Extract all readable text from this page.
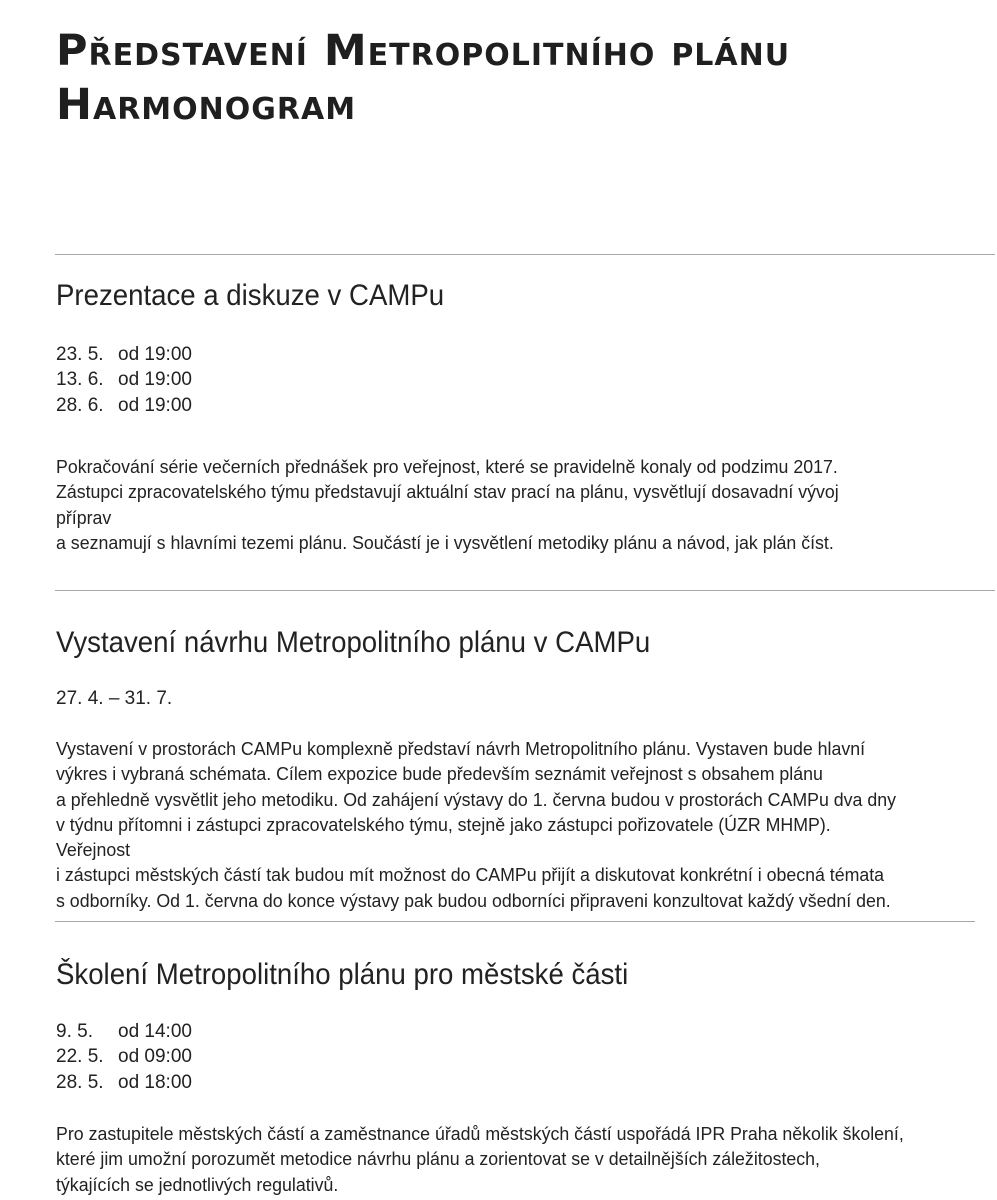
Představení Metropolitního plánu
Harmonogram
Prezentace a diskuze v CAMPu
23. 5. od 19:00
13. 6. od 19:00
28. 6. od 19:00
Pokračování série večerních přednášek pro veřejnost, které se pravidelně konaly od podzimu 2017.
Zástupci zpracovatelského týmu představují aktuální stav prací na plánu, vysvětlují dosavadní vývoj
příprav
a seznamují s hlavními tezemi plánu. Součástí je i vysvětlení metodiky plánu a návod, jak plán číst.
Vystavení návrhu Metropolitního plánu v CAMPu
27. 4. – 31. 7.
Vystavení v prostorách CAMPu komplexně představí návrh Metropolitního plánu. Vystaven bude hlavní
výkres i vybraná schémata. Cílem expozice bude především seznámit veřejnost s obsahem plánu
a přehledně vysvětlit jeho metodiku. Od zahájení výstavy do 1. června budou v prostorách CAMPu dva dny
v týdnu přítomni i zástupci zpracovatelského týmu, stejně jako zástupci pořizovatele (ÚZR MHMP).
Veřejnost
i zástupci městských částí tak budou mít možnost do CAMPu přijít a diskutovat konkrétní i obecná témata
s odborníky. Od 1. června do konce výstavy pak budou odborníci připraveni konzultovat každý všední den.
Školení Metropolitního plánu pro městské části
9. 5.	od 14:00
22. 5. od 09:00
28. 5. od 18:00
Pro zastupitele městských částí a zaměstnance úřadů městských částí uspořádá IPR Praha několik školení,
které jim umožní porozumět metodice návrhu plánu a zorientovat se v detailnějších záležitostech,
týkajících se jednotlivých regulativů.
